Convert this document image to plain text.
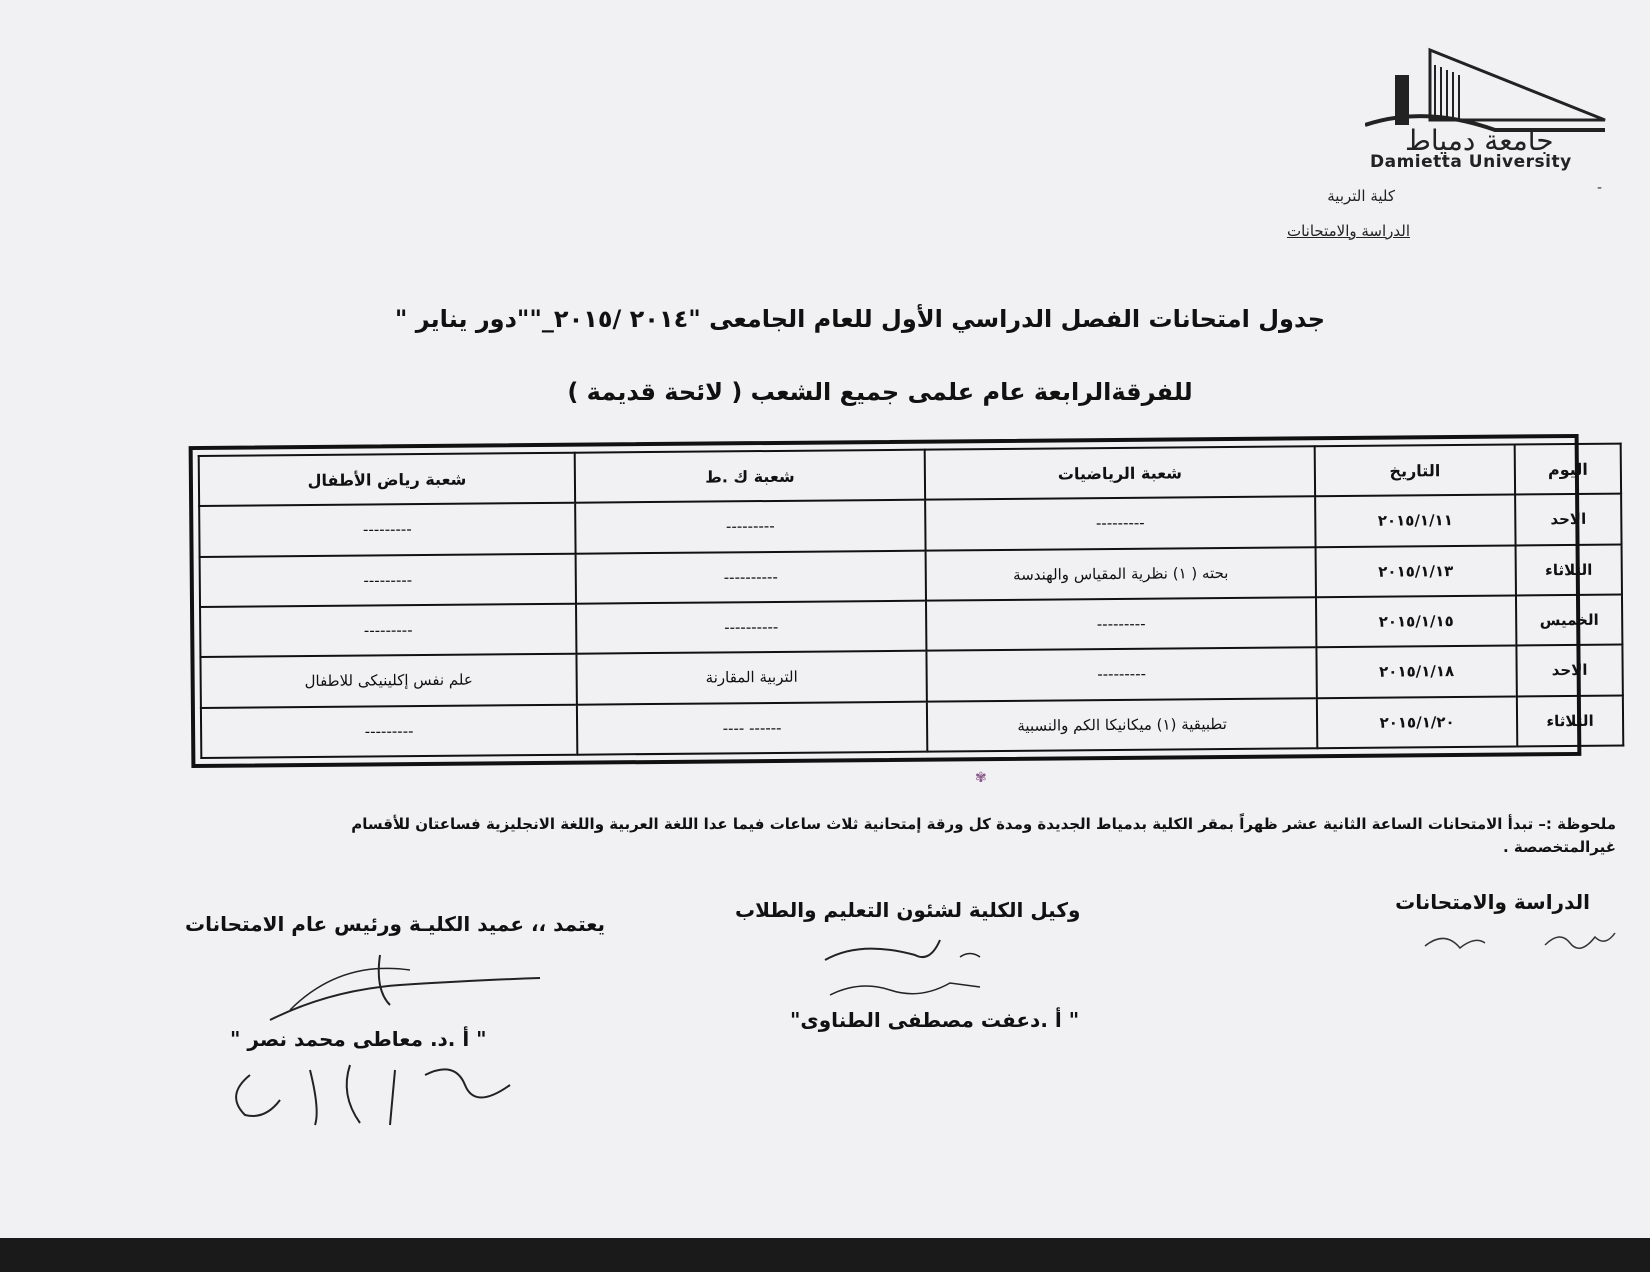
جامعة دمياط
Damietta University
-
كلية التربية
الدراسة والامتحانات
جدول امتحانات الفصل الدراسي الأول للعام الجامعى "٢٠١٤ /٢٠١٥_""دور يناير "
للفرقةالرابعة عام علمى جميع الشعب ( لائحة قديمة )
اليوم	التاريخ	شعبة الرياضيات	شعبة ك .ط	شعبة رياض الأطفال
الاحد	٢٠١٥/١/١١	---------	---------	---------
الثلاثاء	٢٠١٥/١/١٣	بحته ( ١) نظرية المقياس والهندسة	----------	---------
الخميس	٢٠١٥/١/١٥	---------	----------	---------
الاحد	٢٠١٥/١/١٨	---------	التربية المقارنة	علم نفس إكلينيكى للاطفال
الثلاثاء	٢٠١٥/١/٢٠	تطبيقية (١) ميكانيكا الكم والنسبية	------ ----	---------
✾
ملحوظة :– تبدأ الامتحانات الساعة الثانية عشر ظهراً بمقر الكلية بدمياط الجديدة ومدة كل ورقة إمتحانية ثلاث ساعات فيما عدا اللغة العربية واللغة الانجليزية فساعتان للأقسام
غيرالمتخصصة .
الدراسة والامتحانات
وكيل الكلية لشئون التعليم والطلاب
يعتمد ،، عميد الكليـة ورئيس عام الامتحانات
" أ .دعفت مصطفى الطناوى"
" أ .د. معاطى محمد نصر "
